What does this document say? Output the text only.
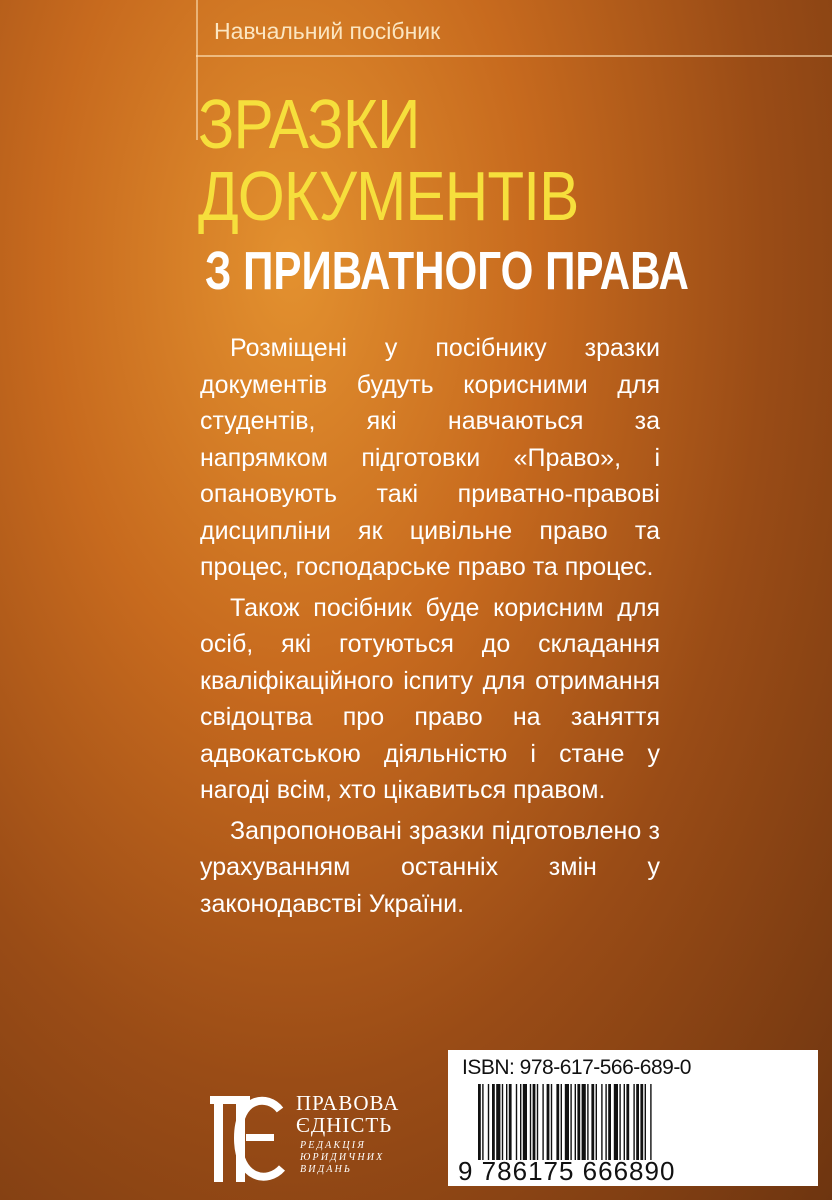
Навчальний посібник
ЗРАЗКИ
ДОКУМЕНТІВ
З ПРИВАТНОГО ПРАВА

Розміщені у посібнику зразки документів будуть корисними для студентів, які навчаються за напрямком підготовки «Право», і опановують такі приватно-правові дисципліни як цивільне право та процес, господарське право та процес.

Також посібник буде корисним для осіб, які готуються до складання кваліфікаційного іспиту для отримання свідоцтва про право на заняття адвокатською діяльністю і стане у нагоді всім, хто цікавиться правом.

Запропоновані зразки підготовлено з урахуванням останніх змін у законодавстві України.

ПРАВОВА
ЄДНІСТЬ
РЕДАКЦІЯ
ЮРИДИЧНИХ
ВИДАНЬ
ISBN: 978-617-566-689-0
9 786175 666890
